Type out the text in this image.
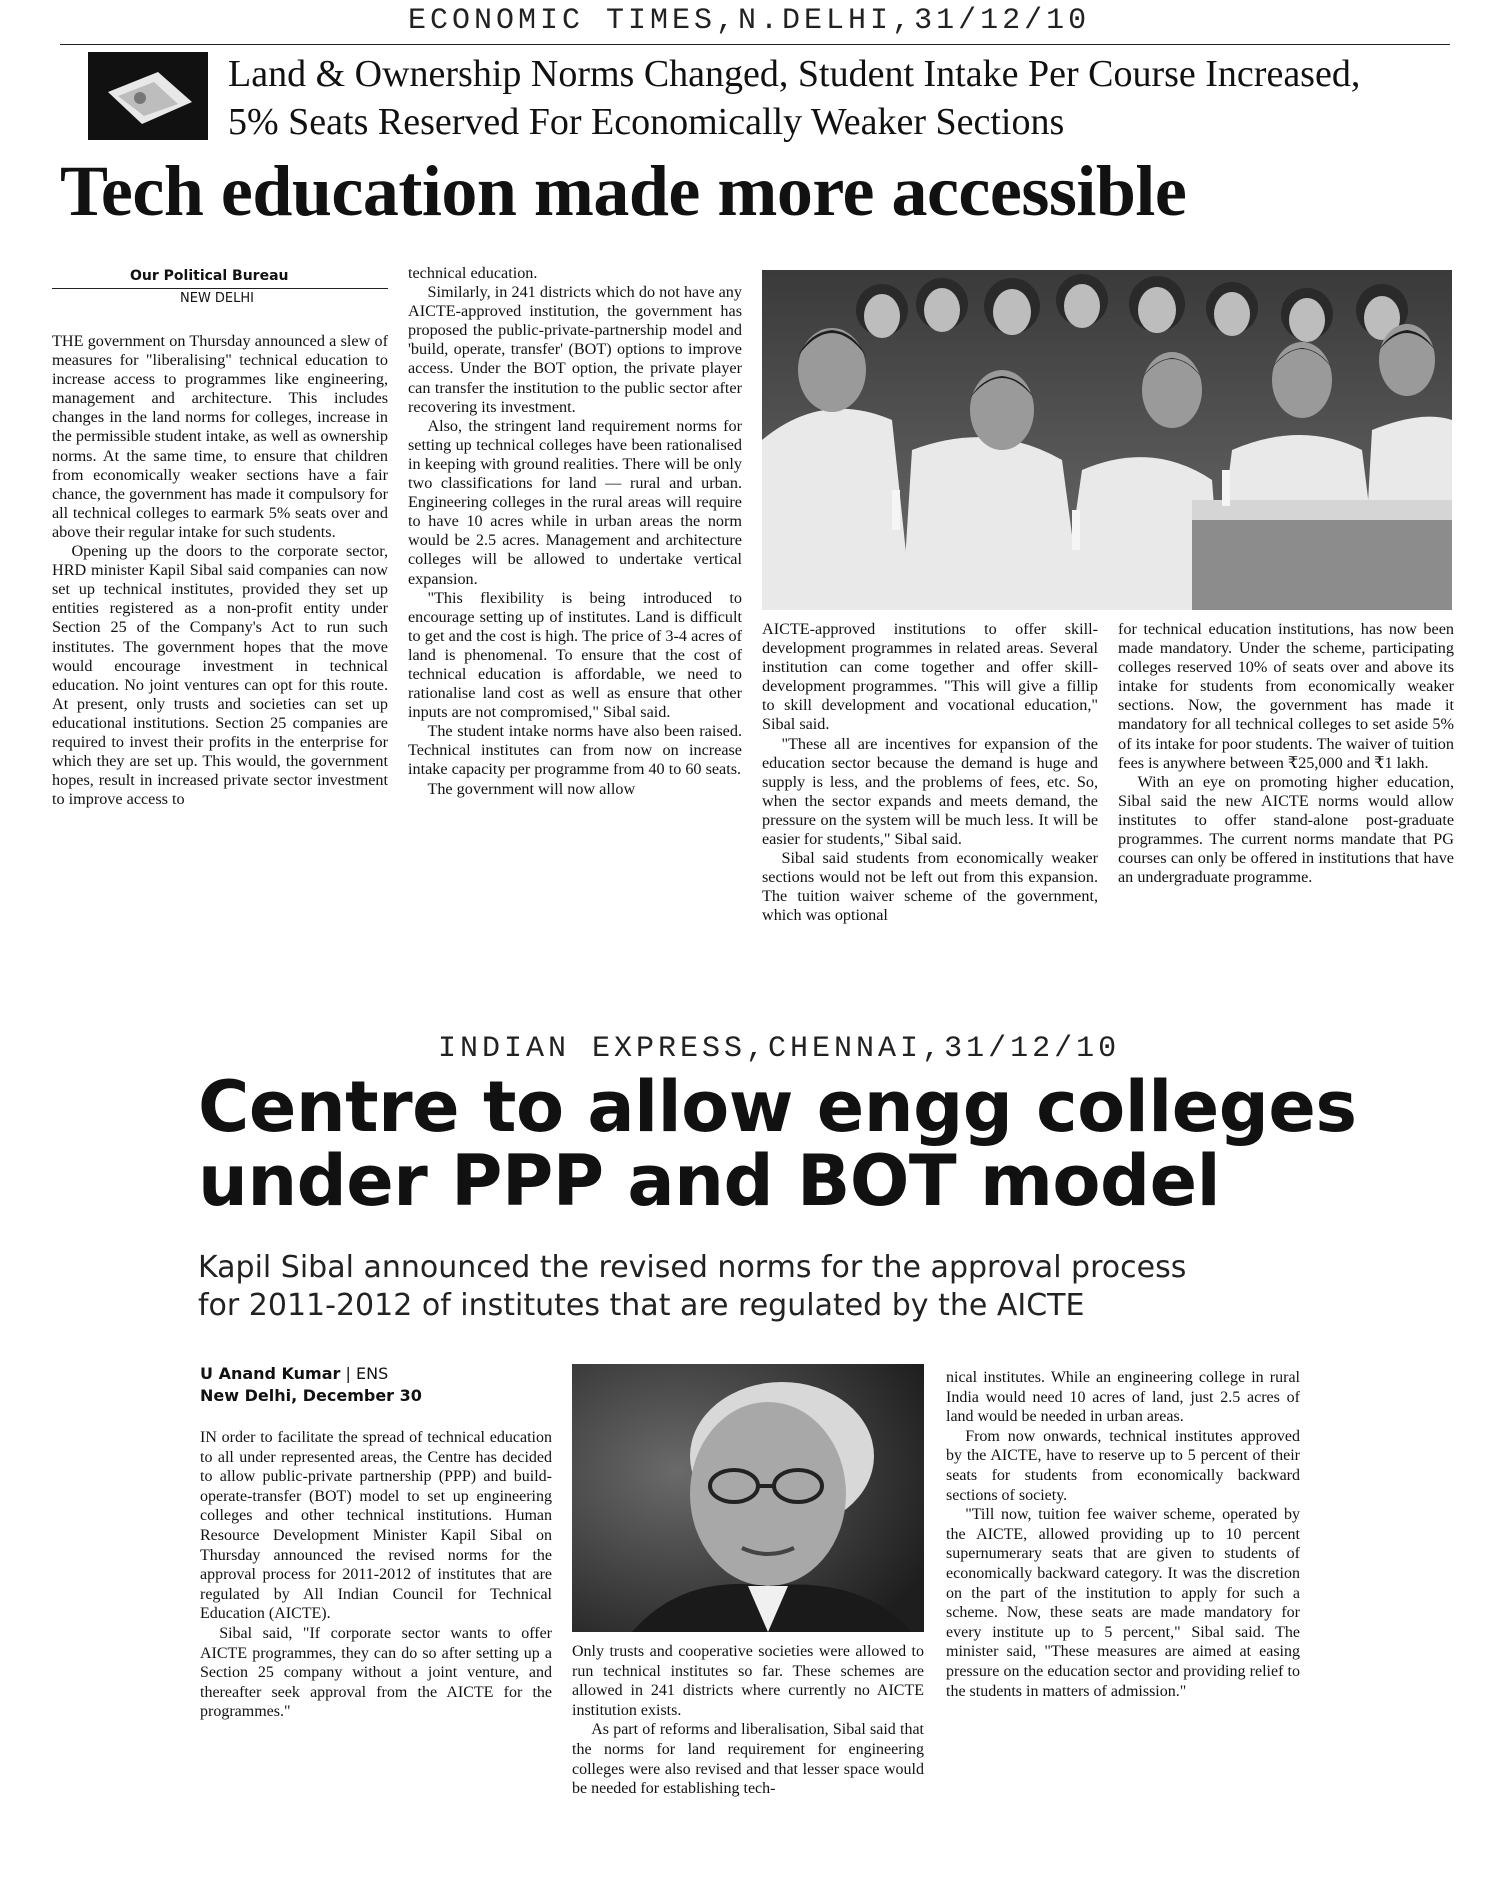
ECONOMIC TIMES,N.DELHI,31/12/10
Land & Ownership Norms Changed, Student Intake Per Course Increased,
5% Seats Reserved For Economically Weaker Sections
Tech education made more accessible
Our Political Bureau
NEW DELHI

THE government on Thursday announced a slew of measures for "liberalising" technical education to increase access to programmes like engineering, management and architecture. This includes changes in the land norms for colleges, increase in the permissible student intake, as well as ownership norms. At the same time, to ensure that children from economically weaker sections have a fair chance, the government has made it compulsory for all technical colleges to earmark 5% seats over and above their regular intake for such students.

Opening up the doors to the corporate sector, HRD minister Kapil Sibal said companies can now set up technical institutes, provided they set up entities registered as a non-profit entity under Section 25 of the Company's Act to run such institutes. The government hopes that the move would encourage investment in technical education. No joint ventures can opt for this route. At present, only trusts and societies can set up educational institutions. Section 25 companies are required to invest their profits in the enterprise for which they are set up. This would, the government hopes, result in increased private sector investment to improve access to

technical education.

Similarly, in 241 districts which do not have any AICTE-approved institution, the government has proposed the public-private-partnership model and 'build, operate, transfer' (BOT) options to improve access. Under the BOT option, the private player can transfer the institution to the public sector after recovering its investment.

Also, the stringent land requirement norms for setting up technical colleges have been rationalised in keeping with ground realities. There will be only two classifications for land — rural and urban. Engineering colleges in the rural areas will require to have 10 acres while in urban areas the norm would be 2.5 acres. Management and architecture colleges will be allowed to undertake vertical expansion.

"This flexibility is being introduced to encourage setting up of institutes. Land is difficult to get and the cost is high. The price of 3-4 acres of land is phenomenal. To ensure that the cost of technical education is affordable, we need to rationalise land cost as well as ensure that other inputs are not compromised," Sibal said.

The student intake norms have also been raised. Technical institutes can from now on increase intake capacity per programme from 40 to 60 seats.

The government will now allow

AICTE-approved institutions to offer skill-development programmes in related areas. Several institution can come together and offer skill-development programmes. "This will give a fillip to skill development and vocational education," Sibal said.

"These all are incentives for expansion of the education sector because the demand is huge and supply is less, and the problems of fees, etc. So, when the sector expands and meets demand, the pressure on the system will be much less. It will be easier for students," Sibal said.

Sibal said students from economically weaker sections would not be left out from this expansion. The tuition waiver scheme of the government, which was optional

for technical education institutions, has now been made mandatory. Under the scheme, participating colleges reserved 10% of seats over and above its intake for students from economically weaker sections. Now, the government has made it mandatory for all technical colleges to set aside 5% of its intake for poor students. The waiver of tuition fees is anywhere between ₹25,000 and ₹1 lakh.

With an eye on promoting higher education, Sibal said the new AICTE norms would allow institutes to offer stand-alone post-graduate programmes. The current norms mandate that PG courses can only be offered in institutions that have an undergraduate programme.

INDIAN EXPRESS,CHENNAI,31/12/10
Centre to allow engg colleges
under PPP and BOT model
Kapil Sibal announced the revised norms for the approval process
for 2011-2012 of institutes that are regulated by the AICTE
U Anand Kumar | ENS
New Delhi, December 30

IN order to facilitate the spread of technical education to all under represented areas, the Centre has decided to allow public-private partnership (PPP) and build-operate-transfer (BOT) model to set up engineering colleges and other technical institutions. Human Resource Development Minister Kapil Sibal on Thursday announced the revised norms for the approval process for 2011-2012 of institutes that are regulated by All Indian Council for Technical Education (AICTE).

Sibal said, "If corporate sector wants to offer AICTE programmes, they can do so after setting up a Section 25 company without a joint venture, and thereafter seek approval from the AICTE for the programmes."

Only trusts and cooperative societies were allowed to run technical institutes so far. These schemes are allowed in 241 districts where currently no AICTE institution exists.

As part of reforms and liberalisation, Sibal said that the norms for land requirement for engineering colleges were also revised and that lesser space would be needed for establishing tech-

nical institutes. While an engineering college in rural India would need 10 acres of land, just 2.5 acres of land would be needed in urban areas.

From now onwards, technical institutes approved by the AICTE, have to reserve up to 5 percent of their seats for students from economically backward sections of society.

"Till now, tuition fee waiver scheme, operated by the AICTE, allowed providing up to 10 percent supernumerary seats that are given to students of economically backward category. It was the discretion on the part of the institution to apply for such a scheme. Now, these seats are made mandatory for every institute up to 5 percent," Sibal said. The minister said, "These measures are aimed at easing pressure on the education sector and providing relief to the students in matters of admission."
